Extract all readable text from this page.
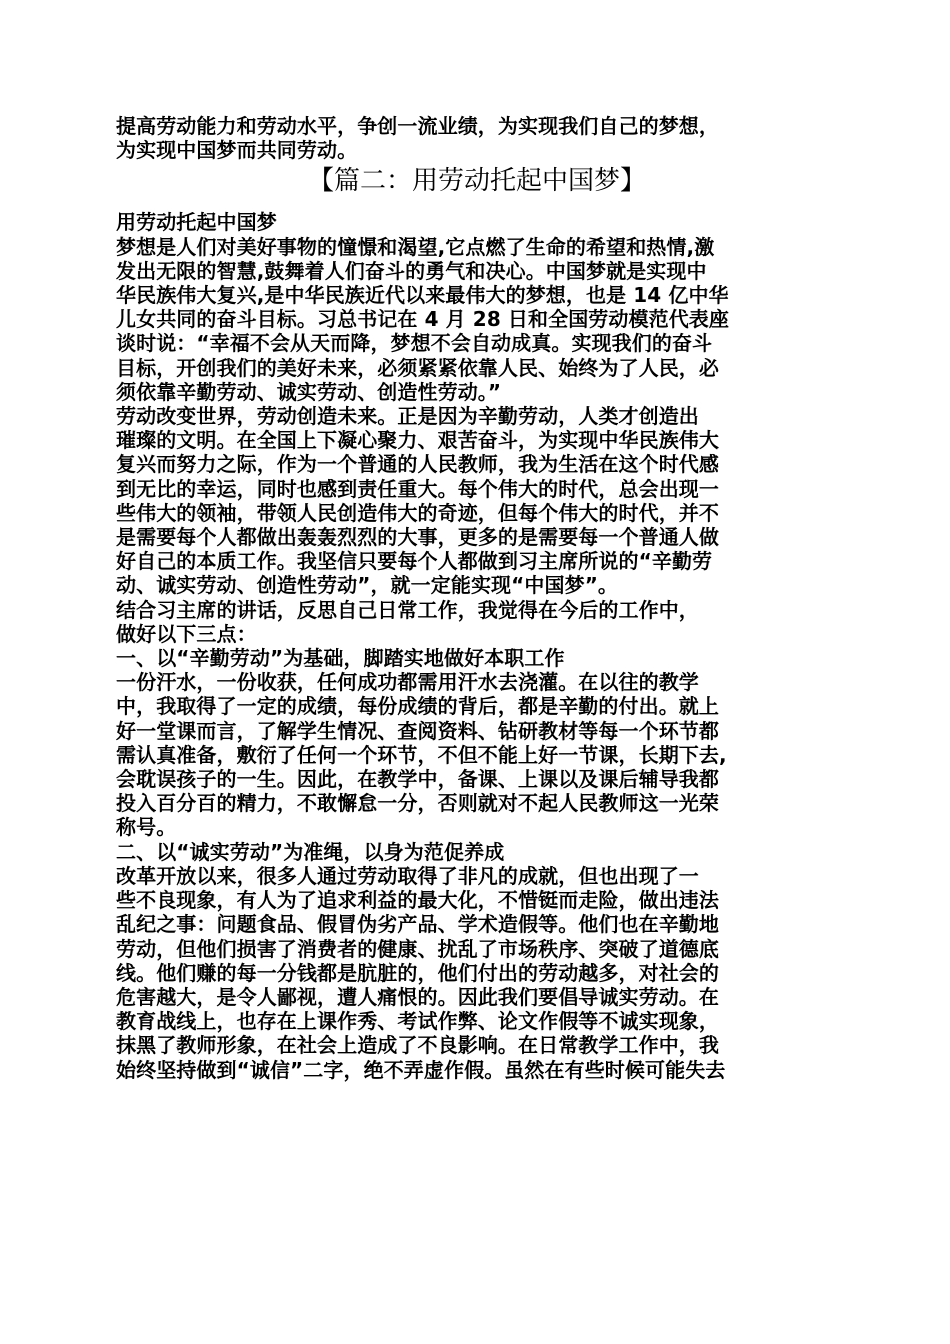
提高劳动能力和劳动水平，争创一流业绩，为实现我们自己的梦想，
为实现中国梦而共同劳动。
【篇二：用劳动托起中国梦】
用劳动托起中国梦
梦想是人们对美好事物的憧憬和渴望,它点燃了生命的希望和热情,激
发出无限的智慧,鼓舞着人们奋斗的勇气和决心。中国梦就是实现中
华民族伟大复兴,是中华民族近代以来最伟大的梦想，也是 14 亿中华
儿女共同的奋斗目标。习总书记在 4 月 28 日和全国劳动模范代表座
谈时说：“幸福不会从天而降，梦想不会自动成真。实现我们的奋斗
目标，开创我们的美好未来，必须紧紧依靠人民、始终为了人民，必
须依靠辛勤劳动、诚实劳动、创造性劳动。”
劳动改变世界，劳动创造未来。正是因为辛勤劳动，人类才创造出
璀璨的文明。在全国上下凝心聚力、艰苦奋斗，为实现中华民族伟大
复兴而努力之际，作为一个普通的人民教师，我为生活在这个时代感
到无比的幸运，同时也感到责任重大。每个伟大的时代，总会出现一
些伟大的领袖，带领人民创造伟大的奇迹，但每个伟大的时代，并不
是需要每个人都做出轰轰烈烈的大事，更多的是需要每一个普通人做
好自己的本质工作。我坚信只要每个人都做到习主席所说的“辛勤劳
动、诚实劳动、创造性劳动”，就一定能实现“中国梦”。
结合习主席的讲话，反思自己日常工作，我觉得在今后的工作中，
做好以下三点：
一、以“辛勤劳动”为基础，脚踏实地做好本职工作
一份汗水，一份收获，任何成功都需用汗水去浇灌。在以往的教学
中，我取得了一定的成绩，每份成绩的背后，都是辛勤的付出。就上
好一堂课而言，了解学生情况、查阅资料、钻研教材等每一个环节都
需认真准备，敷衍了任何一个环节，不但不能上好一节课，长期下去,
会耽误孩子的一生。因此，在教学中，备课、上课以及课后辅导我都
投入百分百的精力，不敢懈怠一分，否则就对不起人民教师这一光荣
称号。
二、以“诚实劳动”为准绳，以身为范促养成
改革开放以来，很多人通过劳动取得了非凡的成就，但也出现了一
些不良现象，有人为了追求利益的最大化，不惜铤而走险，做出违法
乱纪之事：问题食品、假冒伪劣产品、学术造假等。他们也在辛勤地
劳动，但他们损害了消费者的健康、扰乱了市场秩序、突破了道德底
线。他们赚的每一分钱都是肮脏的，他们付出的劳动越多，对社会的
危害越大，是令人鄙视，遭人痛恨的。因此我们要倡导诚实劳动。在
教育战线上，也存在上课作秀、考试作弊、论文作假等不诚实现象，
抹黑了教师形象，在社会上造成了不良影响。在日常教学工作中，我
始终坚持做到“诚信”二字，绝不弄虚作假。虽然在有些时候可能失去
